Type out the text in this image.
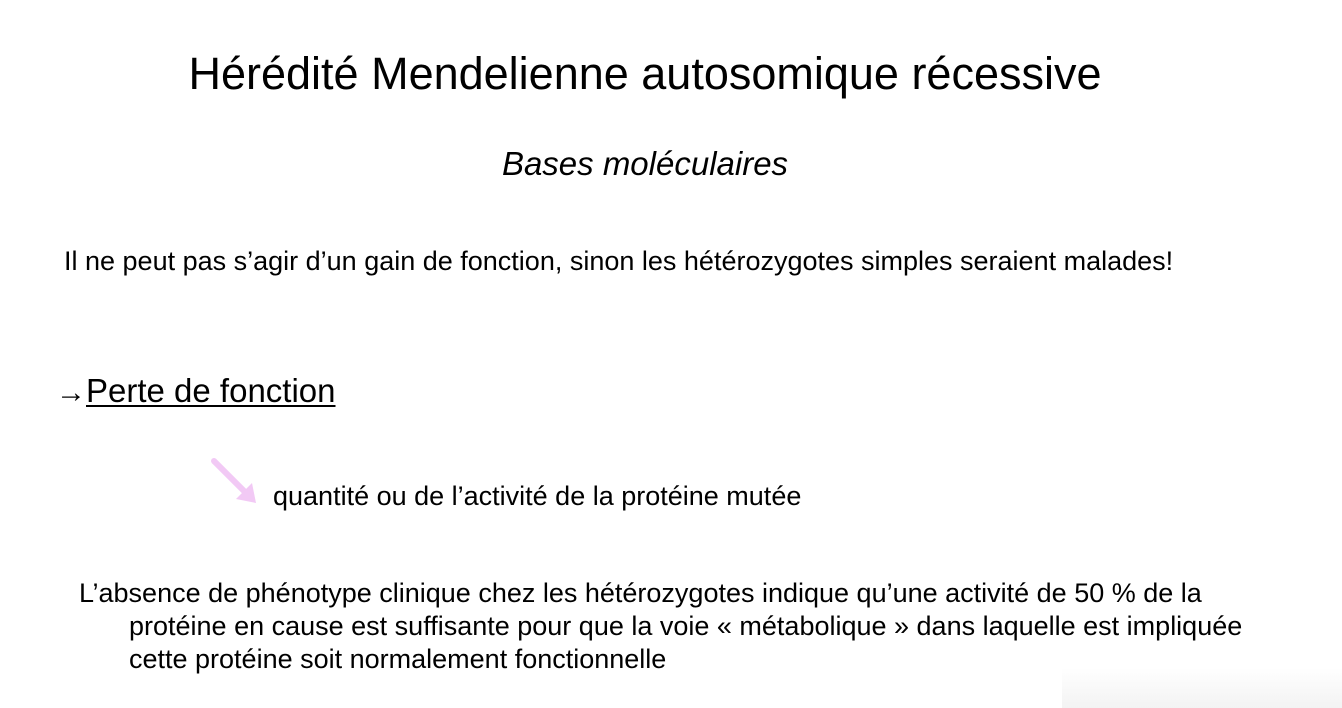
Hérédité Mendelienne autosomique récessive

Bases moléculaires

Il ne peut pas s’agir d’un gain de fonction, sinon les hétérozygotes simples seraient malades!

→Perte de fonction

quantité ou de l’activité de la protéine mutée

L’absence de phénotype clinique chez les hétérozygotes indique qu’une activité de 50 % de la protéine en cause est suffisante pour que la voie « métabolique » dans laquelle est impliquée cette protéine soit normalement fonctionnelle
